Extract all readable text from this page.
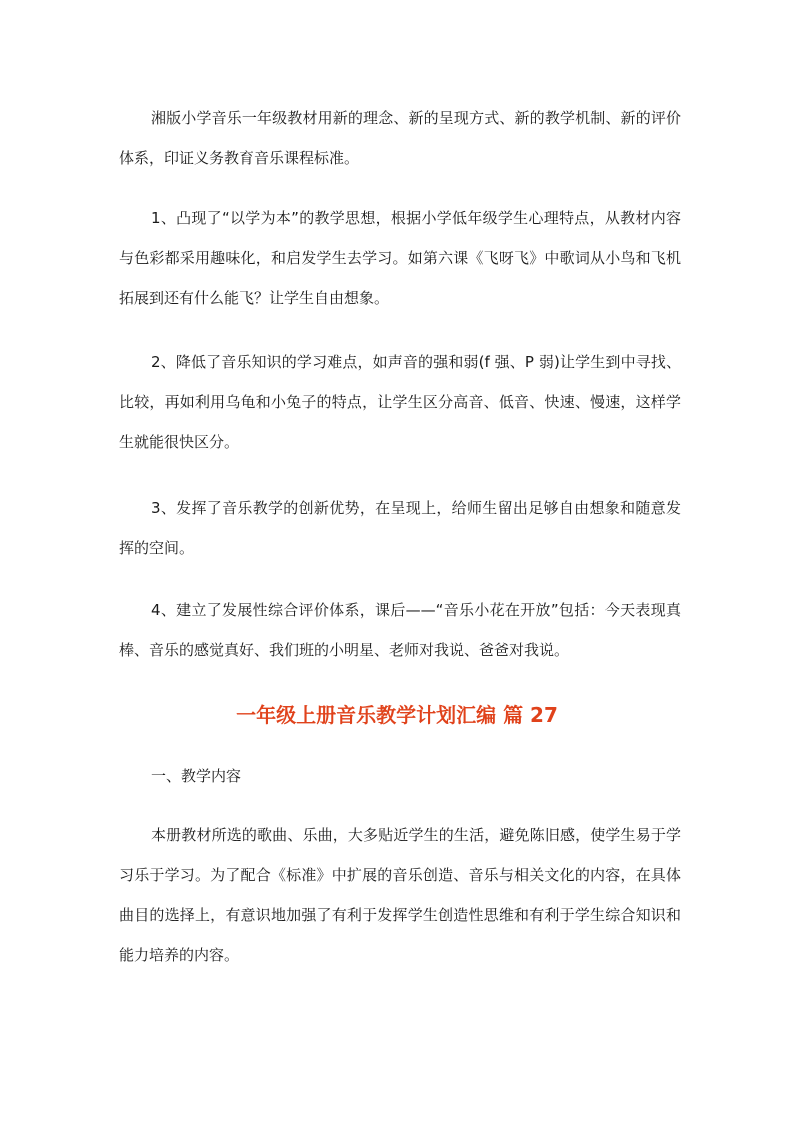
湘版小学音乐一年级教材用新的理念、新的呈现方式、新的教学机制、新的评价体系，印证义务教育音乐课程标准。

1、凸现了“以学为本”的教学思想，根据小学低年级学生心理特点，从教材内容与色彩都采用趣味化，和启发学生去学习。如第六课《飞呀飞》中歌词从小鸟和飞机拓展到还有什么能飞？让学生自由想象。

2、降低了音乐知识的学习难点，如声音的强和弱(f 强、P 弱)让学生到中寻找、比较，再如利用乌龟和小兔子的特点，让学生区分高音、低音、快速、慢速，这样学生就能很快区分。

3、发挥了音乐教学的创新优势，在呈现上，给师生留出足够自由想象和随意发挥的空间。

4、建立了发展性综合评价体系，课后——“音乐小花在开放”包括：今天表现真棒、音乐的感觉真好、我们班的小明星、老师对我说、爸爸对我说。

一年级上册音乐教学计划汇编 篇 27

一、教学内容

本册教材所选的歌曲、乐曲，大多贴近学生的生活，避免陈旧感，使学生易于学习乐于学习。为了配合《标准》中扩展的音乐创造、音乐与相关文化的内容，在具体曲目的选择上，有意识地加强了有利于发挥学生创造性思维和有利于学生综合知识和能力培养的内容。
